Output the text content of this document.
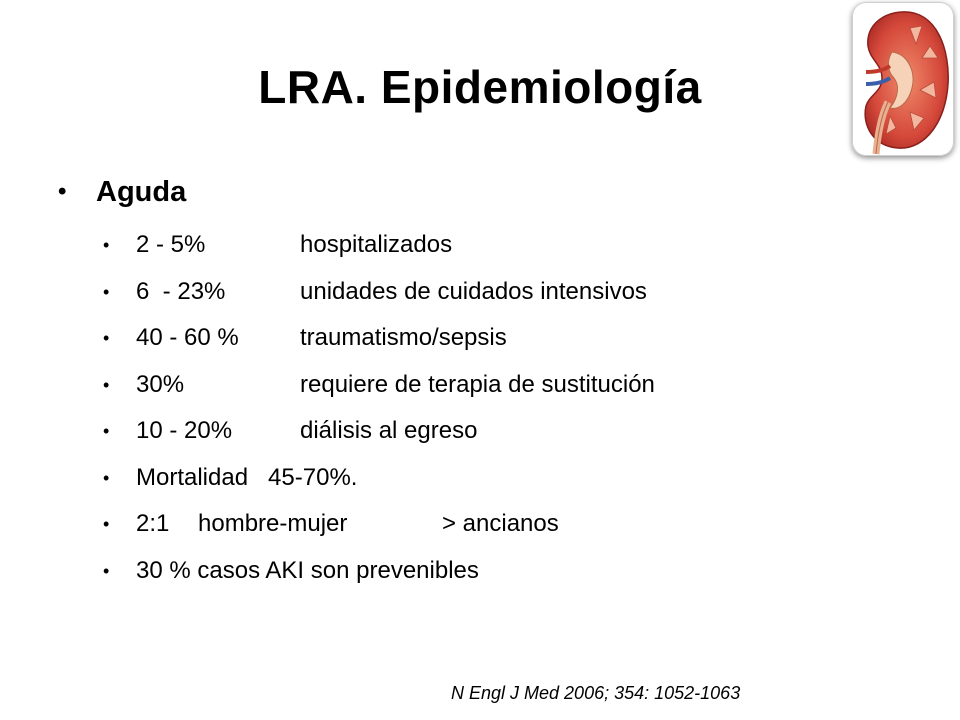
LRA. Epidemiología
• Aguda
• 2 - 5%	hospitalizados
• 6  - 23%	unidades de cuidados intensivos
• 40 - 60 %	traumatismo/sepsis
• 30%	requiere de terapia de sustitución
• 10 - 20%	diálisis al egreso
• Mortalidad   45-70%.
• 2:1 hombre-mujer	> ancianos
• 30 % casos AKI son prevenibles
N Engl J Med 2006; 354: 1052-1063
